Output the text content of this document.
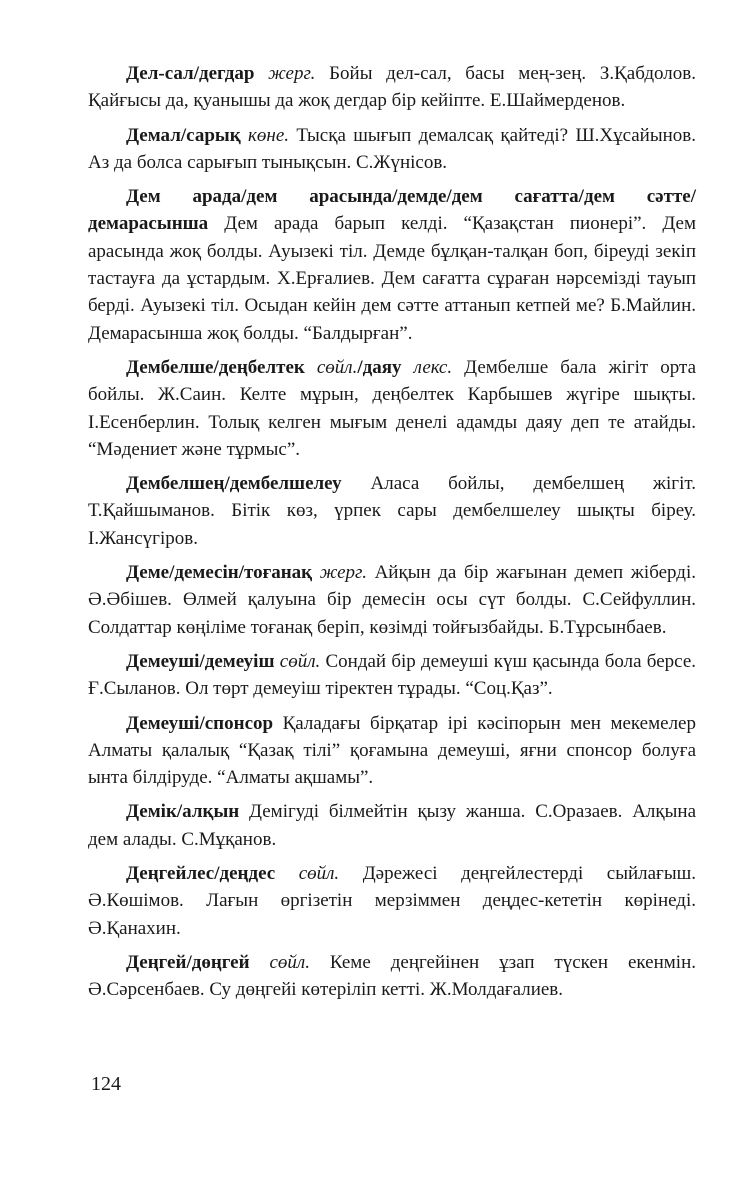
Дел-сал/дегдар жерг. Бойы дел-сал, басы мең-зең. З.Қабдолов. Қайғысы да, қуанышы да жоқ дегдар бір кейіпте. Е.Шаймерденов.

Демал/сарық көне. Тысқа шығып демалсақ қайтеді? Ш.Хұсайынов. Аз да болса сарығып тынықсын. С.Жүнісов.

Дем арада/дем арасында/демде/дем сағатта/дем сәтте/ демарасынша Дем арада барып келді. “Қазақстан пионері”. Дем арасында жоқ болды. Ауызекі тіл. Демде бұлқан-талқан боп, біреуді зекіп тастауға да ұстардым. Х.Ерғалиев. Дем сағатта сұраған нәрсемізді тауып берді. Ауызекі тіл. Осыдан кейін дем сәтте аттанып кетпей ме? Б.Майлин. Демарасынша жоқ болды. “Балдырған”.

Дембелше/деңбелтек сөйл./даяу лекс. Дембелше бала жігіт орта бойлы. Ж.Саин. Келте мұрын, деңбелтек Карбышев жүгіре шықты. І.Есенберлин. Толық келген мығым денелі адамды даяу деп те атайды. “Мәдениет және тұрмыс”.

Дембелшең/дембелшелеу Аласа бойлы, дембелшең жігіт. Т.Қайшыманов. Бітік көз, үрпек сары дембелшелеу шықты біреу. І.Жансүгіров.

Деме/демесін/тоғанақ жерг. Айқын да бір жағынан демеп жіберді. Ә.Әбішев. Өлмей қалуына бір демесін осы сүт болды. С.Сейфуллин. Солдаттар көңіліме тоғанақ беріп, көзімді тойғызбайды. Б.Тұрсынбаев.

Демеуші/демеуіш сөйл. Сондай бір демеуші күш қасында бола берсе. Ғ.Сыланов. Ол төрт демеуіш тіректен тұрады. “Соц.Қаз”.

Демеуші/спонсор Қаладағы бірқатар ірі кәсіпорын мен мекемелер Алматы қалалық “Қазақ тілі” қоғамына демеуші, яғни спонсор болуға ынта білдіруде. “Алматы ақшамы”.

Демік/алқын Демігуді білмейтін қызу жанша. С.Оразаев. Алқына дем алады. С.Мұқанов.

Деңгейлес/деңдес сөйл. Дәрежесі деңгейлестерді сыйлағыш. Ә.Көшімов. Лағын өргізетін мерзіммен деңдес-кететін көрінеді. Ә.Қанахин.

Деңгей/дөңгей сөйл. Кеме деңгейінен ұзап түскен екенмін. Ә.Сәрсенбаев. Су дөңгейі көтеріліп кетті. Ж.Молдағалиев.

124
